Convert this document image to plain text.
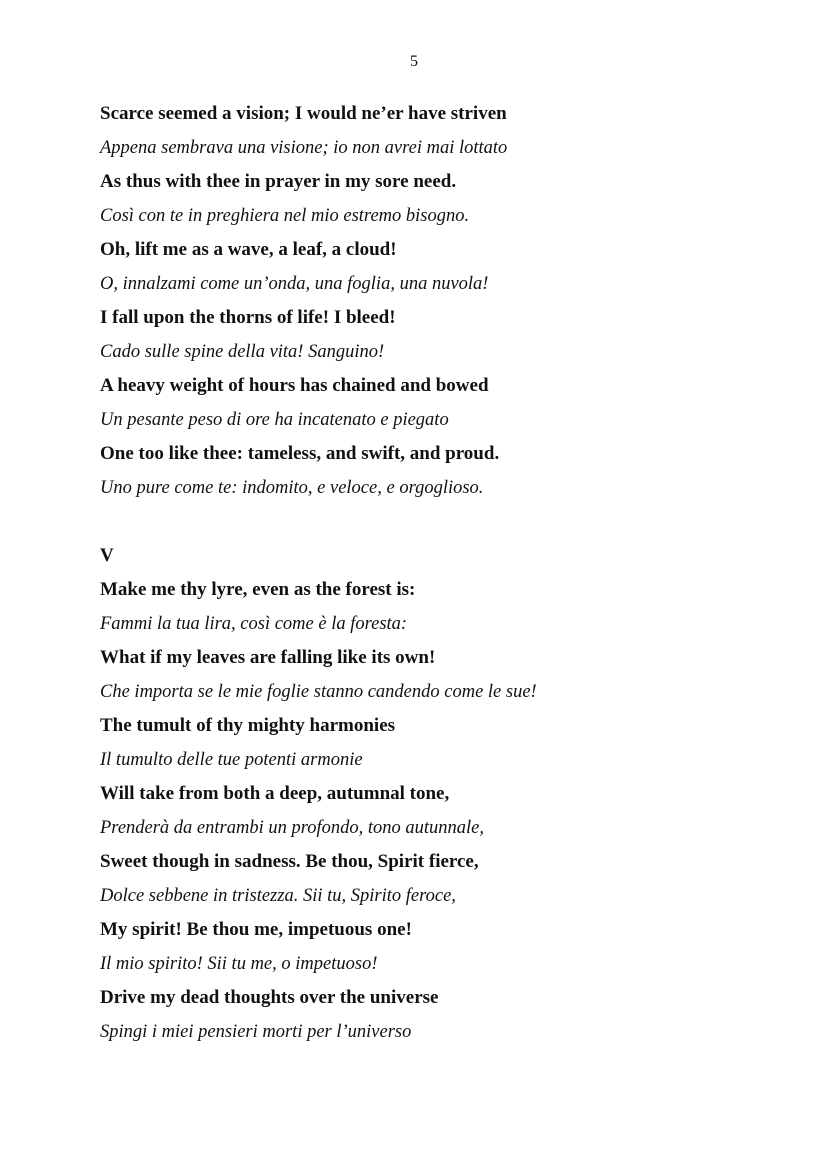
5
Scarce seemed a vision; I would ne’er have striven
Appena sembrava una visione; io non avrei mai lottato
As thus with thee in prayer in my sore need.
Così con te in preghiera nel mio estremo bisogno.
Oh, lift me as a wave, a leaf, a cloud!
O, innalzami come un’onda, una foglia, una nuvola!
I fall upon the thorns of life! I bleed!
Cado sulle spine della vita! Sanguino!
A heavy weight of hours has chained and bowed
Un pesante peso di ore ha incatenato e piegato
One too like thee: tameless, and swift, and proud.
Uno pure come te: indomito, e veloce, e orgoglioso.
V
Make me thy lyre, even as the forest is:
Fammi la tua lira, così come è la foresta:
What if my leaves are falling like its own!
Che importa se le mie foglie stanno candendo come le sue!
The tumult of thy mighty harmonies
Il tumulto delle tue potenti armonie
Will take from both a deep, autumnal tone,
Prenderà da entrambi un profondo, tono autunnale,
Sweet though in sadness. Be thou, Spirit fierce,
Dolce sebbene in tristezza. Sii tu, Spirito feroce,
My spirit! Be thou me, impetuous one!
Il mio spirito! Sii tu me, o impetuoso!
Drive my dead thoughts over the universe
Spingi i miei pensieri morti per l’universo
